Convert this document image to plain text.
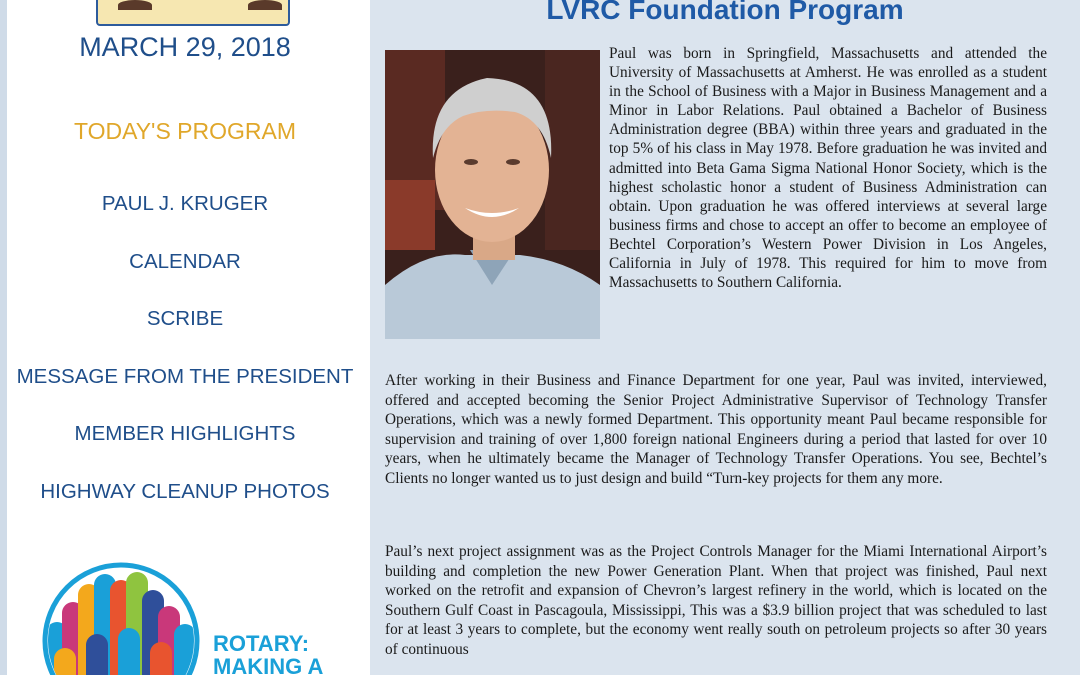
MARCH 29, 2018
TODAY'S PROGRAM
PAUL J. KRUGER
CALENDAR
SCRIBE
MESSAGE FROM THE PRESIDENT
MEMBER HIGHLIGHTS
HIGHWAY CLEANUP PHOTOS
ROTARY:
MAKING A
LVRC Foundation Program
Paul was born in Springfield, Massachusetts and attended the University of Massachusetts at Amherst. He was enrolled as a student in the School of Business with a Major in Business Management and a Minor in Labor Relations. Paul obtained a Bachelor of Business Administration degree (BBA) within three years and graduated in the top 5% of his class in May 1978. Before graduation he was invited and admitted into Beta Gama Sigma National Honor Society, which is the highest scholastic honor a student of Business Administration can obtain. Upon graduation he was offered interviews at several large business firms and chose to accept an offer to become an employee of Bechtel Corporation’s Western Power Division in Los Angeles, California in July of 1978. This required for him to move from Massachusetts to Southern California.
After working in their Business and Finance Department for one year, Paul was invited, interviewed, offered and accepted becoming the Senior Project Administrative Supervisor of Technology Transfer Operations, which was a newly formed Department. This opportunity meant Paul became responsible for supervision and training of over 1,800 foreign national Engineers during a period that lasted for over 10 years, when he ultimately became the Manager of Technology Transfer Operations. You see, Bechtel’s Clients no longer wanted us to just design and build “Turn-key projects for them any more.
Paul’s next project assignment was as the Project Controls Manager for the Miami International Airport’s building and completion the new Power Generation Plant. When that project was finished, Paul next worked on the retrofit and expansion of Chevron’s largest refinery in the world, which is located on the Southern Gulf Coast in Pascagoula, Mississippi, This was a $3.9 billion project that was scheduled to last for at least 3 years to complete, but the economy went really south on petroleum projects so after 30 years of continuous
